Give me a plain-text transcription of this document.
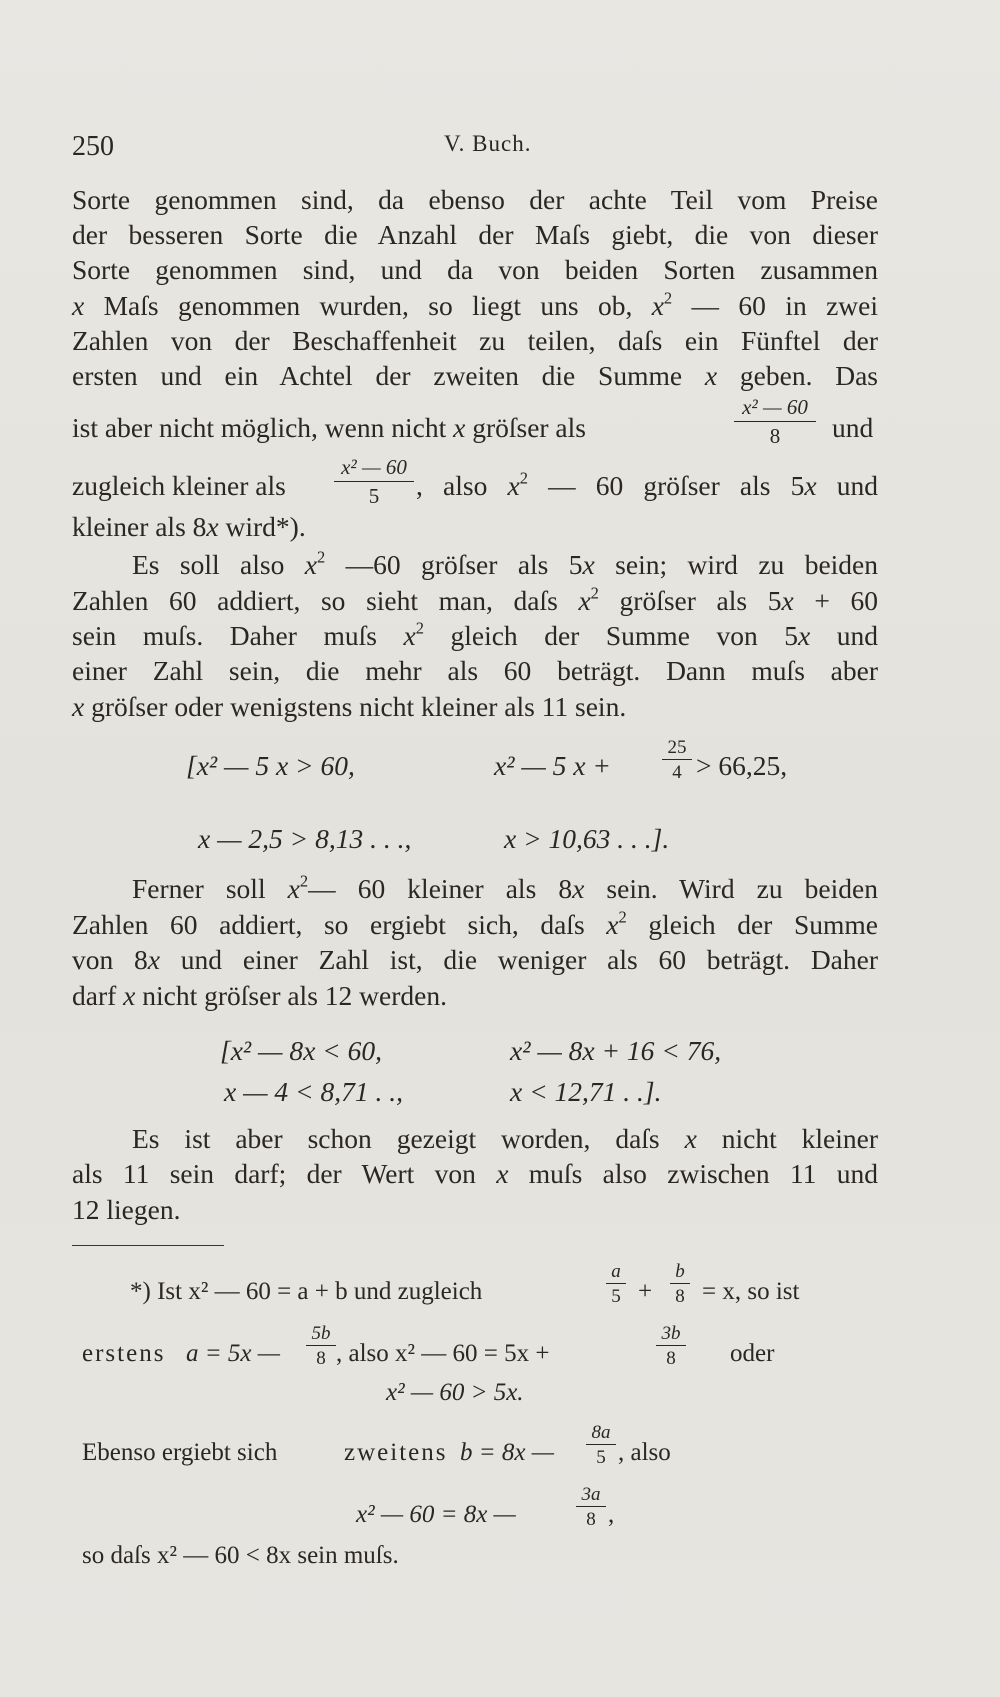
250	V. Buch.
Sorte genommen sind, da ebenso der achte Teil vom Preise
der besseren Sorte die Anzahl der Maſs giebt, die von dieser
Sorte genommen sind, und da von beiden Sorten zusammen
x Maſs genommen wurden, so liegt uns ob, $x^2$ — 60 in zwei
Zahlen von der Beschaffenheit zu teilen, daſs ein Fünftel der
ersten und ein Achtel der zweiten die Summe x geben. Das
ist aber nicht möglich, wenn nicht x gröſser als	$\frac{\text{x² — 60}}{8}$ und
zugleich kleiner als $\frac{\text{x² — 60}}{5}$ , also $x^2$ — 60 gröſser als 5x und
kleiner als 8x wird*).
Es soll also $x^2$ —60 gröſser als 5x sein; wird zu beiden
Zahlen 60 addiert, so sieht man, daſs $x^2$ gröſser als 5x + 60
sein muſs. Daher muſs $x^2$ gleich der Summe von 5x und
einer Zahl sein, die mehr als 60 beträgt. Dann muſs aber
x gröſser oder wenigstens nicht kleiner als 11 sein.
[x² — 5 x > 60,	x² — 5 x +	$\frac{25}{4} > 66,25$,
x — 2,5 > 8,13 . . .,	x > 10,63 . . .].
Ferner soll $x^2—$ 60 kleiner als 8x sein. Wird zu beiden
Zahlen 60 addiert, so ergiebt sich, daſs $x^2$ gleich der Summe
von 8x und einer Zahl ist, die weniger als 60 beträgt. Daher
darf x nicht gröſser als 12 werden.
[x² — 8x < 60,	x² — 8x + 16 < 76,
x — 4 < 8,71 . .,	x < 12,71 . .].
Es ist aber schon gezeigt worden, daſs x nicht kleiner
als 11 sein darf; der Wert von x muſs also zwischen 11 und
12 liegen.
*) Ist x² — 60 = a + b und zugleich	$\frac{a}{5} + \frac{b}{8} = x$, so ist
erstens a = 5x — $\frac{5b}{8}$ , also x² — 60 = 5x +	$\frac{3b}{8}$ oder
x² — 60 > 5x.
Ebenso ergiebt sich	zweitens b = 8x — $\frac{8a}{5}$ , also
x² — 60 = 8x —	$\frac{3a}{8}$ ,
so daſs x² — 60 < 8x sein muſs.
